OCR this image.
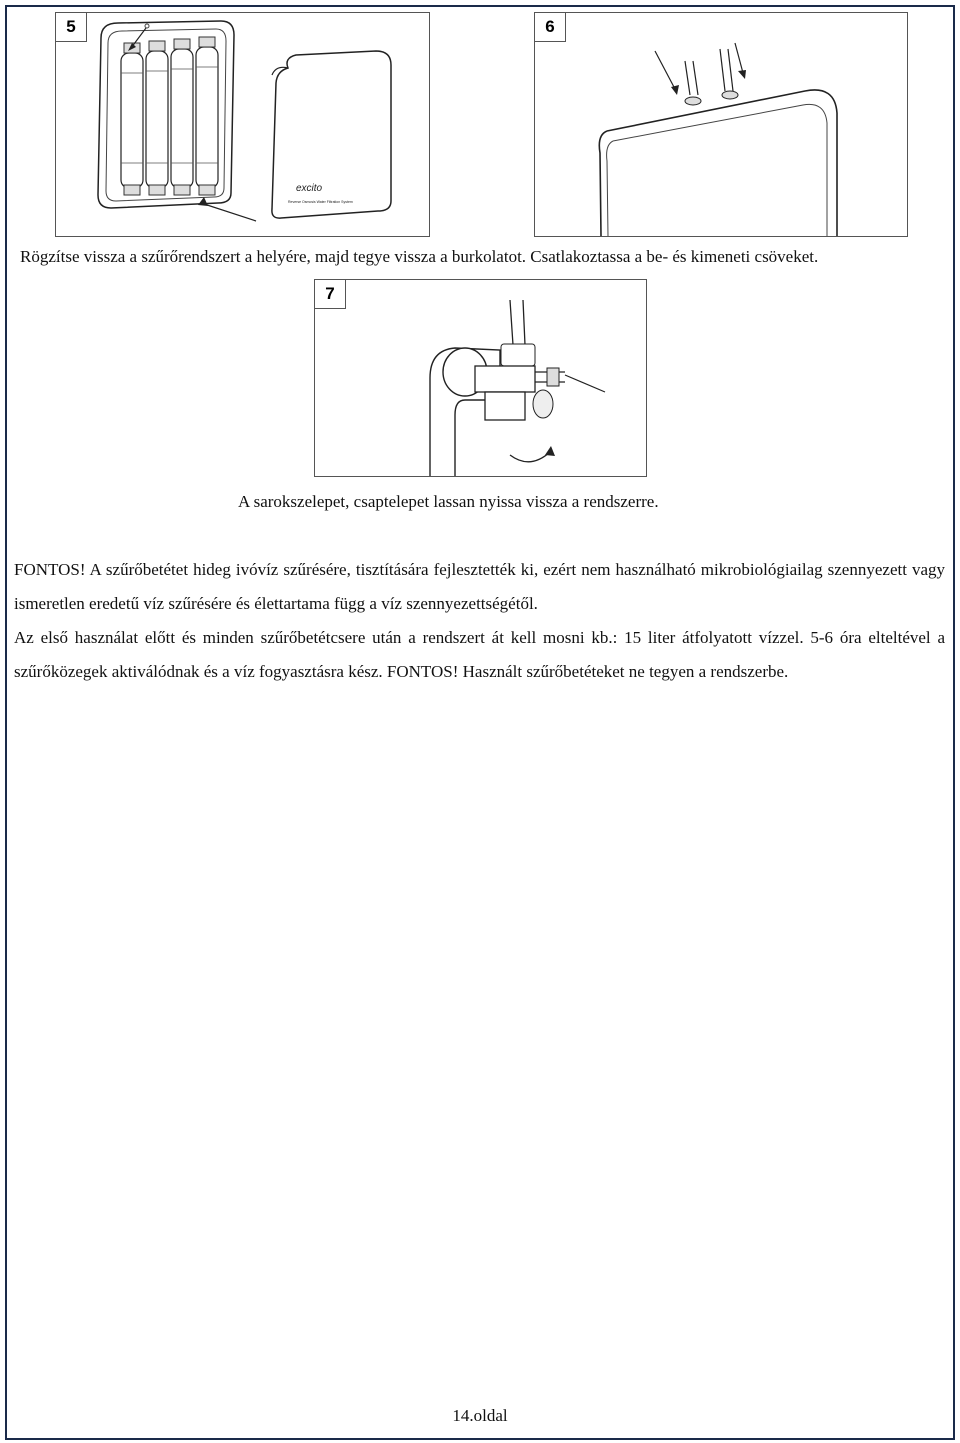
5
excito
Reverse Osmosis Water Filtration System
6
Rögzítse vissza a szűrőrendszert a helyére, majd tegye vissza a burkolatot. Csatlakoztassa a be- és kimeneti csöveket.
7
A sarokszelepet, csaptelepet lassan nyissa vissza a rendszerre.

FONTOS! A szűrőbetétet hideg ivóvíz szűrésére, tisztítására fejlesztették ki, ezért nem használható mikrobiológiailag szennyezett vagy ismeretlen eredetű víz szűrésére és élettartama függ a víz szennyezettségétől.

Az első használat előtt és minden szűrőbetétcsere után a rendszert át kell mosni kb.: 15 liter átfolyatott vízzel. 5-6 óra elteltével a szűrőközegek aktiválódnak és a víz fogyasztásra kész. FONTOS! Használt szűrőbetéteket ne tegyen a rendszerbe.

14.oldal
